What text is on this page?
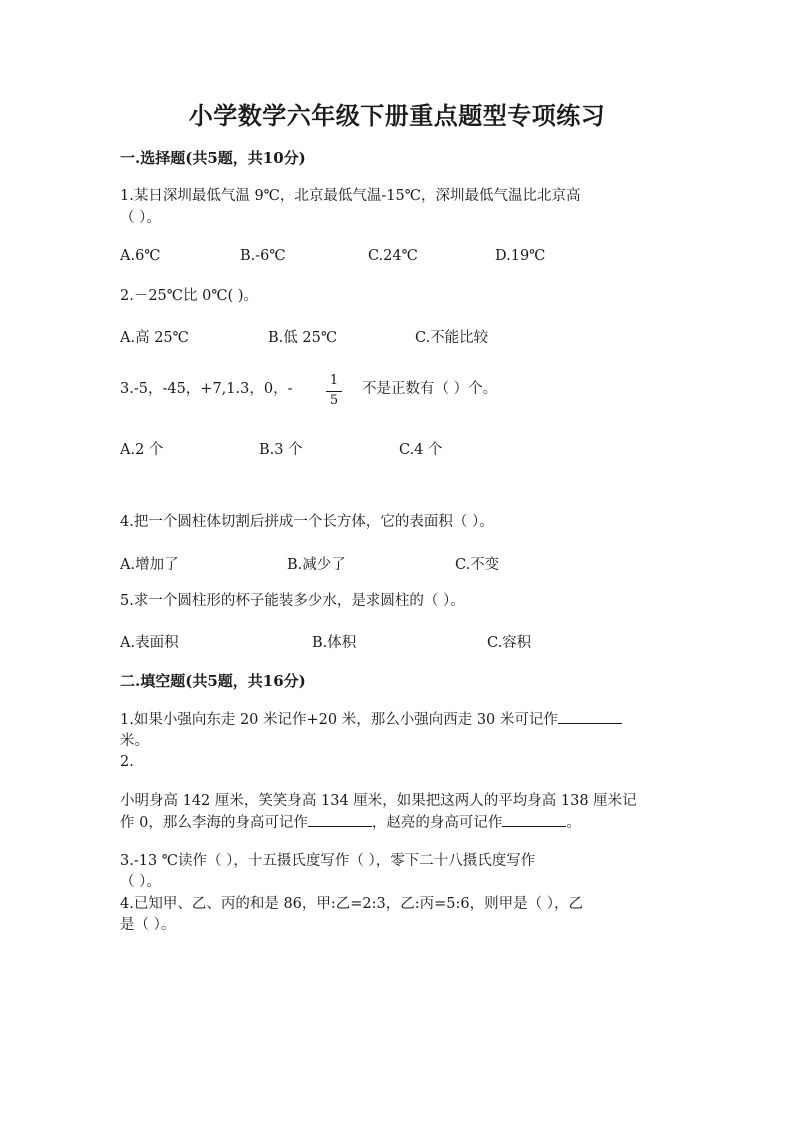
小学数学六年级下册重点题型专项练习
一.选择题(共5题，共10分)
1.某日深圳最低气温 9℃，北京最低气温-15℃，深圳最低气温比北京高
（ ）。
A.6℃	B.-6℃	C.24℃	D.19℃
2.－25℃比 0℃( )。
A.高 25℃	B.低 25℃	C.不能比较
3.-5，-45，+7,1.3，0，-
1
5
不是正数有（ ）个。
A.2 个	B.3 个	C.4 个
4.把一个圆柱体切割后拼成一个长方体，它的表面积（ ）。
A.增加了	B.减少了	C.不变
5.求一个圆柱形的杯子能装多少水，是求圆柱的（ ）。
A.表面积	B.体积	C.容积
二.填空题(共5题，共16分)
1.如果小强向东走 20 米记作+20 米，那么小强向西走 30 米可记作
米。
2.
小明身高 142 厘米，笑笑身高 134 厘米，如果把这两人的平均身高 138 厘米记
作 0，那么李海的身高可记作	，赵亮的身高可记作	。
3.-13 ℃读作（ ），十五摄氏度写作（ ），零下二十八摄氏度写作
（ ）。
4.已知甲、乙、丙的和是 86，甲:乙=2:3，乙:丙=5:6，则甲是（ ），乙
是（ ）。
